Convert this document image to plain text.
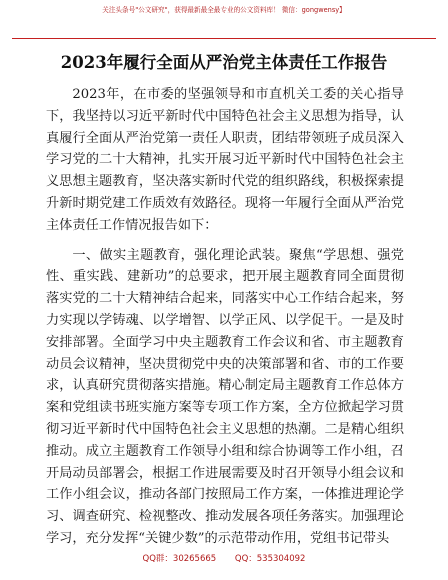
关注头条号"公文研究"，获得最新最全最专业的公文资料库！ 微信：gongwensy】
2023年履行全面从严治党主体责任工作报告

2023年，在市委的坚强领导和市直机关工委的关心指导下，我坚持以习近平新时代中国特色社会主义思想为指导，认真履行全面从严治党第一责任人职责，团结带领班子成员深入学习党的二十大精神，扎实开展习近平新时代中国特色社会主义思想主题教育，坚决落实新时代党的组织路线，积极探索提升新时期党建工作质效有效路径。现将一年履行全面从严治党主体责任工作情况报告如下：

一、做实主题教育，强化理论武装。聚焦“学思想、强党性、重实践、建新功”的总要求，把开展主题教育同全面贯彻落实党的二十大精神结合起来，同落实中心工作结合起来，努力实现以学铸魂、以学增智、以学正风、以学促干。一是及时安排部署。全面学习中央主题教育工作会议和省、市主题教育动员会议精神，坚决贯彻党中央的决策部署和省、市的工作要求，认真研究贯彻落实措施。精心制定局主题教育工作总体方案和党组读书班实施方案等专项工作方案，全方位掀起学习贯彻习近平新时代中国特色社会主义思想的热潮。二是精心组织推动。成立主题教育工作领导小组和综合协调等工作小组，召开局动员部署会，根据工作进展需要及时召开领导小组会议和工作小组会议，推动各部门按照局工作方案，一体推进理论学习、调查研究、检视整改、推动发展各项任务落实。加强理论学习，充分发挥“关键少数”的示范带动作用，党组书记带头

QQ群：30265665 QQ：535304092
